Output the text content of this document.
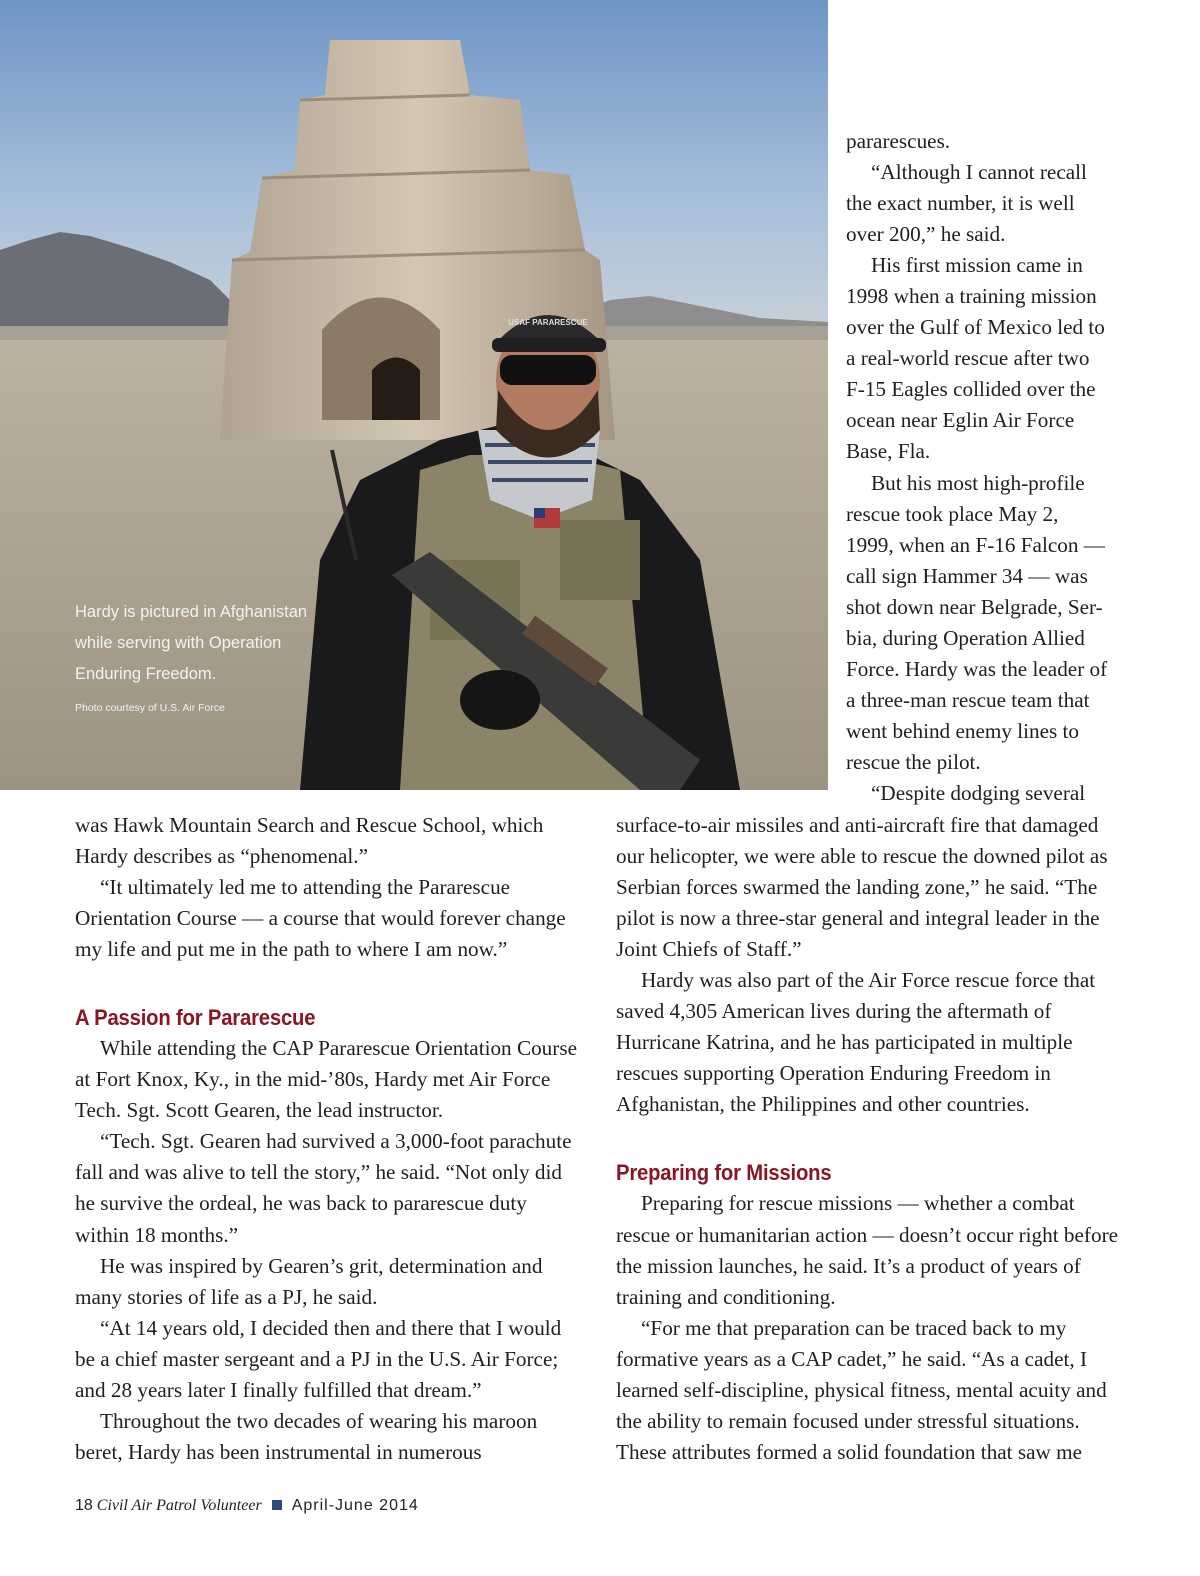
USAF PARARESCUE
Hardy is pictured in Afghanistan
while serving with Operation
Enduring Freedom.
Photo courtesy of U.S. Air Force

pararescues.
“Although I cannot recall
the exact number, it is well
over 200,” he said.
His first mission came in
1998 when a training mission
over the Gulf of Mexico led to
a real-world rescue after two
F-15 Eagles collided over the
ocean near Eglin Air Force
Base, Fla.
But his most high-profile
rescue took place May 2,
1999, when an F-16 Falcon —
call sign Hammer 34 — was
shot down near Belgrade, Ser-
bia, during Operation Allied
Force. Hardy was the leader of
a three-man rescue team that
went behind enemy lines to
rescue the pilot.
“Despite dodging several

was Hawk Mountain Search and Rescue School, which Hardy describes as “phenomenal.”

“It ultimately led me to attending the Pararescue Orientation Course — a course that would forever change my life and put me in the path to where I am now.”

A Passion for Pararescue

While attending the CAP Pararescue Orientation Course at Fort Knox, Ky., in the mid-’80s, Hardy met Air Force Tech. Sgt. Scott Gearen, the lead instructor.

“Tech. Sgt. Gearen had survived a 3,000-foot parachute fall and was alive to tell the story,” he said. “Not only did he survive the ordeal, he was back to pararescue duty within 18 months.”

He was inspired by Gearen’s grit, determination and many stories of life as a PJ, he said.

“At 14 years old, I decided then and there that I would be a chief master sergeant and a PJ in the U.S. Air Force; and 28 years later I finally fulfilled that dream.”

Throughout the two decades of wearing his maroon beret, Hardy has been instrumental in numerous

surface-to-air missiles and anti-aircraft fire that damaged our helicopter, we were able to rescue the downed pilot as Serbian forces swarmed the landing zone,” he said. “The pilot is now a three-star general and integral leader in the Joint Chiefs of Staff.”

Hardy was also part of the Air Force rescue force that saved 4,305 American lives during the aftermath of Hurricane Katrina, and he has participated in multiple rescues supporting Operation Enduring Freedom in Afghanistan, the Philippines and other countries.

Preparing for Missions

Preparing for rescue missions — whether a combat rescue or humanitarian action — doesn’t occur right before the mission launches, he said. It’s a product of years of training and conditioning.

“For me that preparation can be traced back to my formative years as a CAP cadet,” he said. “As a cadet, I learned self-discipline, physical fitness, mental acuity and the ability to remain focused under stressful situations. These attributes formed a solid foundation that saw me

18 Civil Air Patrol Volunteer April-June 2014
